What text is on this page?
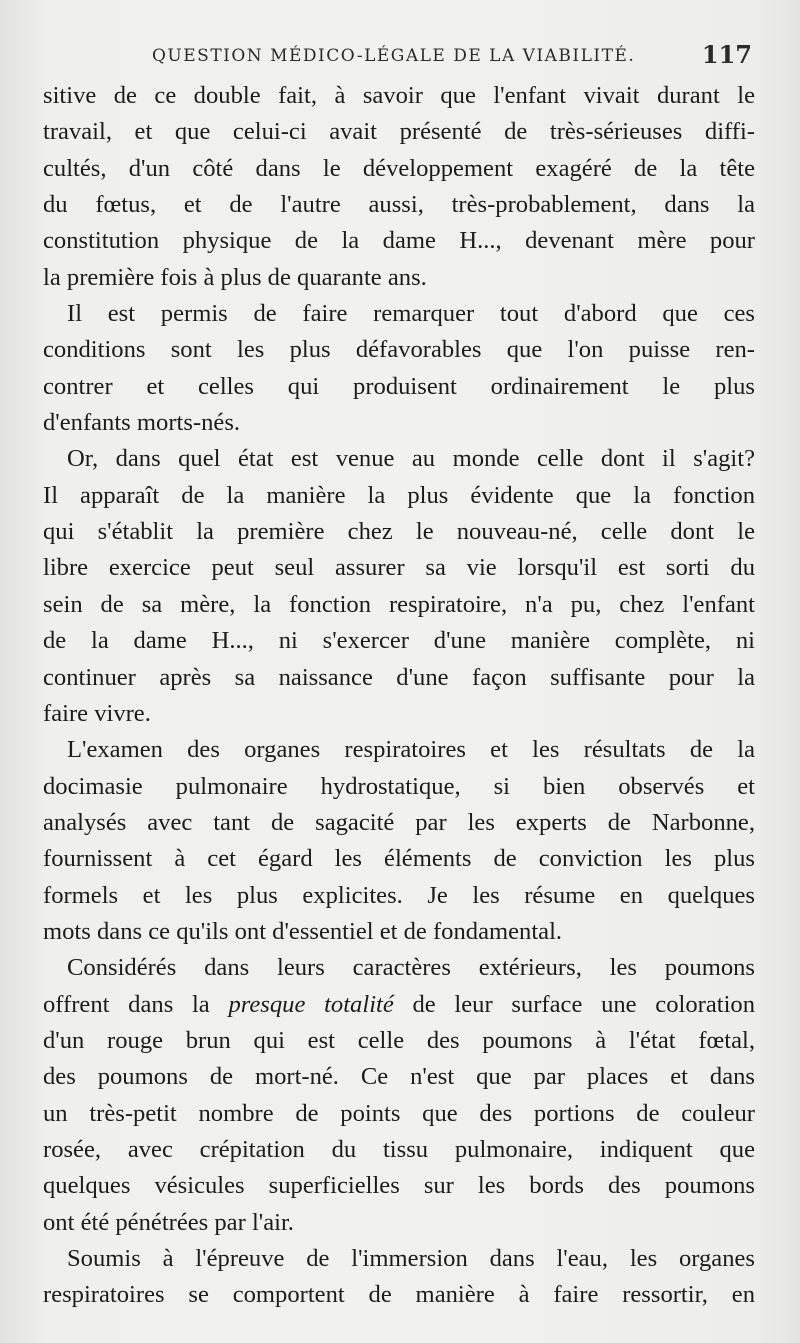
QUESTION MÉDICO-LÉGALE DE LA VIABILITÉ.	117
sitive de ce double fait, à savoir que l'enfant vivait durant le
travail, et que celui-ci avait présenté de très-sérieuses diffi-
cultés, d'un côté dans le développement exagéré de la tête
du fœtus, et de l'autre aussi, très-probablement, dans la
constitution physique de la dame H..., devenant mère pour
la première fois à plus de quarante ans.
Il est permis de faire remarquer tout d'abord que ces
conditions sont les plus défavorables que l'on puisse ren-
contrer et celles qui produisent ordinairement le plus
d'enfants morts-nés.
Or, dans quel état est venue au monde celle dont il s'agit?
Il apparaît de la manière la plus évidente que la fonction
qui s'établit la première chez le nouveau-né, celle dont le
libre exercice peut seul assurer sa vie lorsqu'il est sorti du
sein de sa mère, la fonction respiratoire, n'a pu, chez l'enfant
de la dame H..., ni s'exercer d'une manière complète, ni
continuer après sa naissance d'une façon suffisante pour la
faire vivre.
L'examen des organes respiratoires et les résultats de la
docimasie pulmonaire hydrostatique, si bien observés et
analysés avec tant de sagacité par les experts de Narbonne,
fournissent à cet égard les éléments de conviction les plus
formels et les plus explicites. Je les résume en quelques
mots dans ce qu'ils ont d'essentiel et de fondamental.
Considérés dans leurs caractères extérieurs, les poumons
offrent dans la presque totalité de leur surface une coloration
d'un rouge brun qui est celle des poumons à l'état fœtal,
des poumons de mort-né. Ce n'est que par places et dans
un très-petit nombre de points que des portions de couleur
rosée, avec crépitation du tissu pulmonaire, indiquent que
quelques vésicules superficielles sur les bords des poumons
ont été pénétrées par l'air.
Soumis à l'épreuve de l'immersion dans l'eau, les organes
respiratoires se comportent de manière à faire ressortir, en
